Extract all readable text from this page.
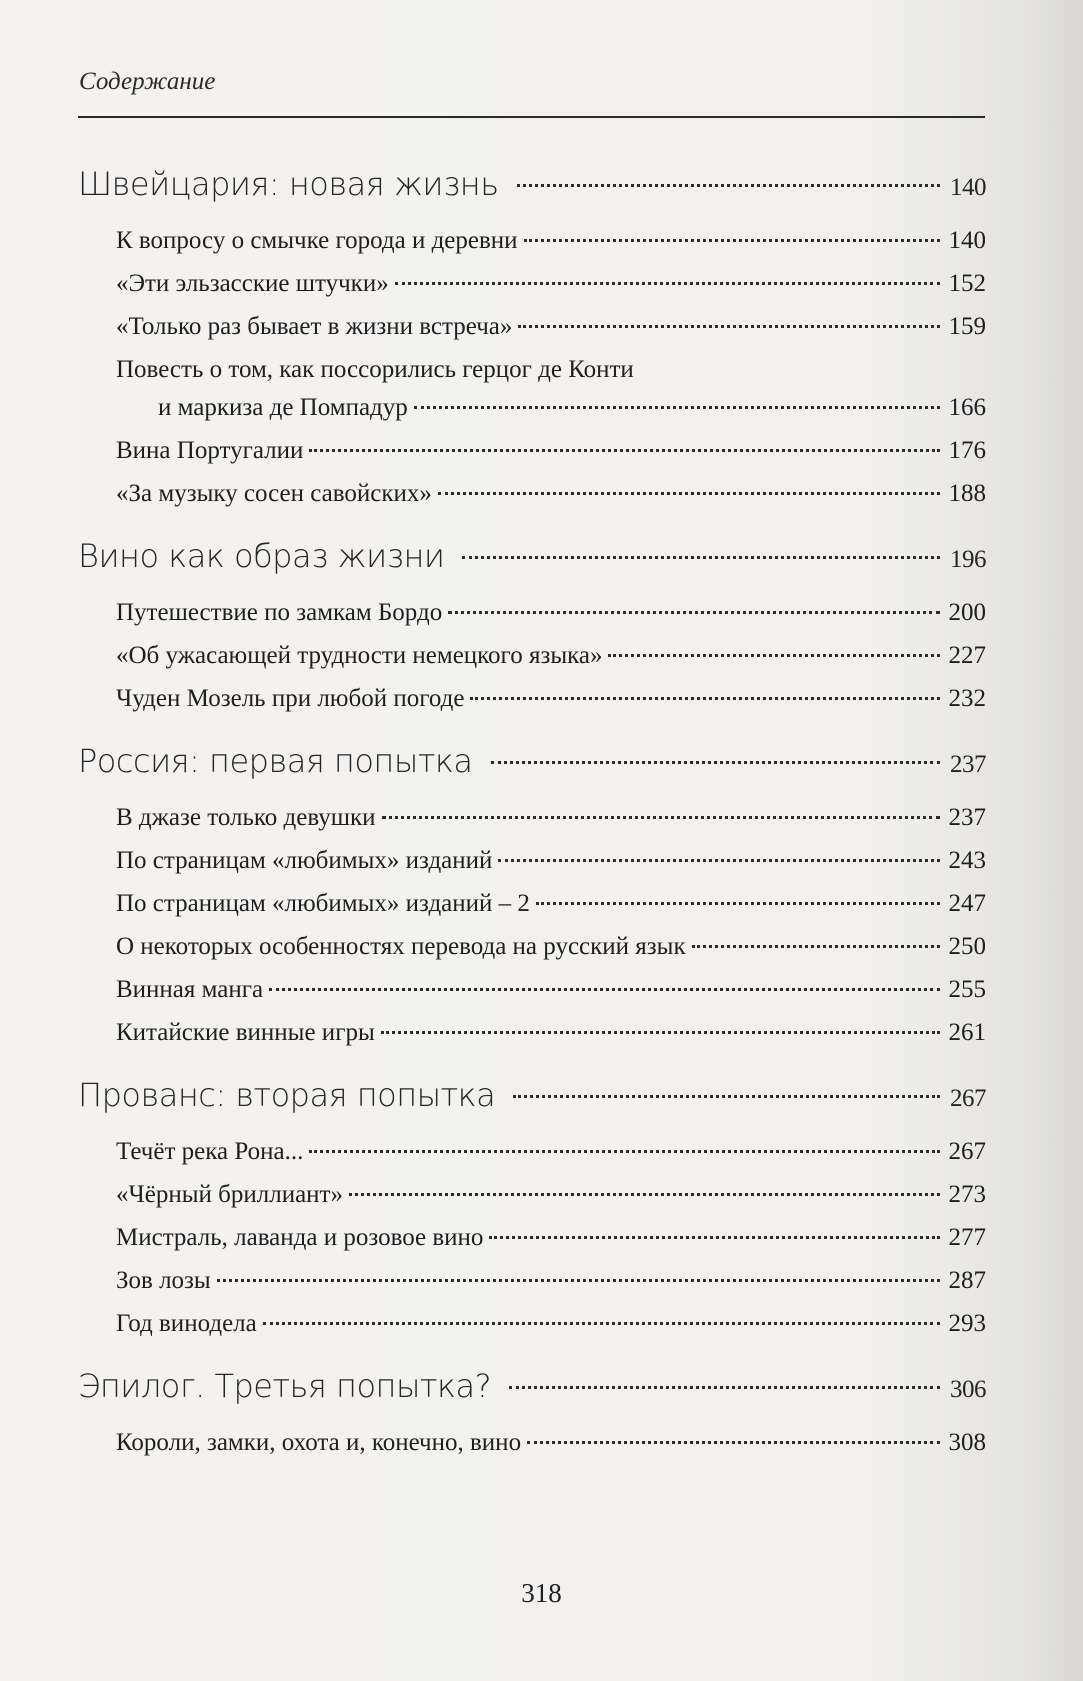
Содержание
Швейцария: новая жизнь	140
К вопросу о смычке города и деревни	140
«Эти эльзасские штучки»	152
«Только раз бывает в жизни встреча»	159
Повесть о том, как поссорились герцог де Конти
и маркиза де Помпадур	166
Вина Португалии	176
«За музыку сосен савойских»	188
Вино как образ жизни	196
Путешествие по замкам Бордо	200
«Об ужасающей трудности немецкого языка»	227
Чуден Мозель при любой погоде	232
Россия: первая попытка	237
В джазе только девушки	237
По страницам «любимых» изданий	243
По страницам «любимых» изданий – 2	247
О некоторых особенностях перевода на русский язык	250
Винная манга	255
Китайские винные игры	261
Прованс: вторая попытка	267
Течёт река Рона...	267
«Чёрный бриллиант»	273
Мистраль, лаванда и розовое вино	277
Зов лозы	287
Год винодела	293
Эпилог. Третья попытка?	306
Короли, замки, охота и, конечно, вино	308
318
